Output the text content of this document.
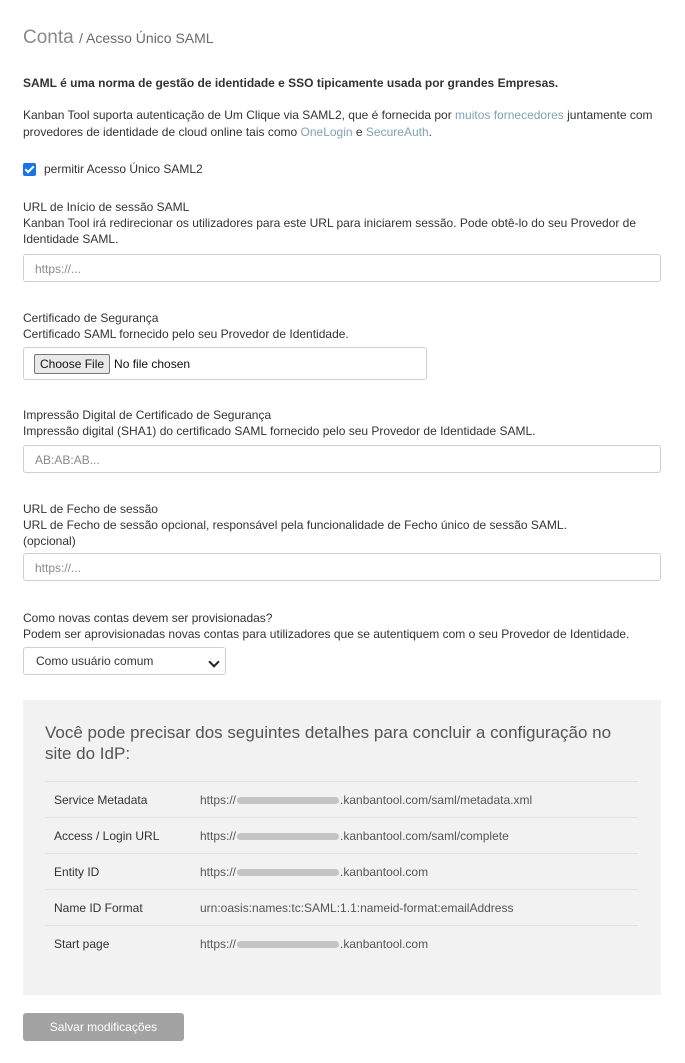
Conta / Acesso Único SAML
SAML é uma norma de gestão de identidade e SSO tipicamente usada por grandes Empresas.
Kanban Tool suporta autenticação de Um Clique via SAML2, que é fornecida por muitos fornecedores juntamente com provedores de identidade de cloud online tais como OneLogin e SecureAuth.
permitir Acesso Único SAML2
URL de Início de sessão SAML
Kanban Tool irá redirecionar os utilizadores para este URL para iniciarem sessão. Pode obtê-lo do seu Provedor de Identidade SAML.
https://...
Certificado de Segurança
Certificado SAML fornecido pelo seu Provedor de Identidade.
Choose File No file chosen
Impressão Digital de Certificado de Segurança
Impressão digital (SHA1) do certificado SAML fornecido pelo seu Provedor de Identidade SAML.
AB:AB:AB...
URL de Fecho de sessão
URL de Fecho de sessão opcional, responsável pela funcionalidade de Fecho único de sessão SAML.
(opcional)
https://...
Como novas contas devem ser provisionadas?
Podem ser aprovisionadas novas contas para utilizadores que se autentiquem com o seu Provedor de Identidade.
Como usuário comum
Você pode precisar dos seguintes detalhes para concluir a configuração no site do IdP:
Service Metadata	https://	.kanbantool.com/saml/metadata.xml
Access / Login URL	https://	.kanbantool.com/saml/complete
Entity ID	https://	.kanbantool.com
Name ID Format	urn:oasis:names:tc:SAML:1.1:nameid-format:emailAddress
Start page	https://	.kanbantool.com
Salvar modificações
